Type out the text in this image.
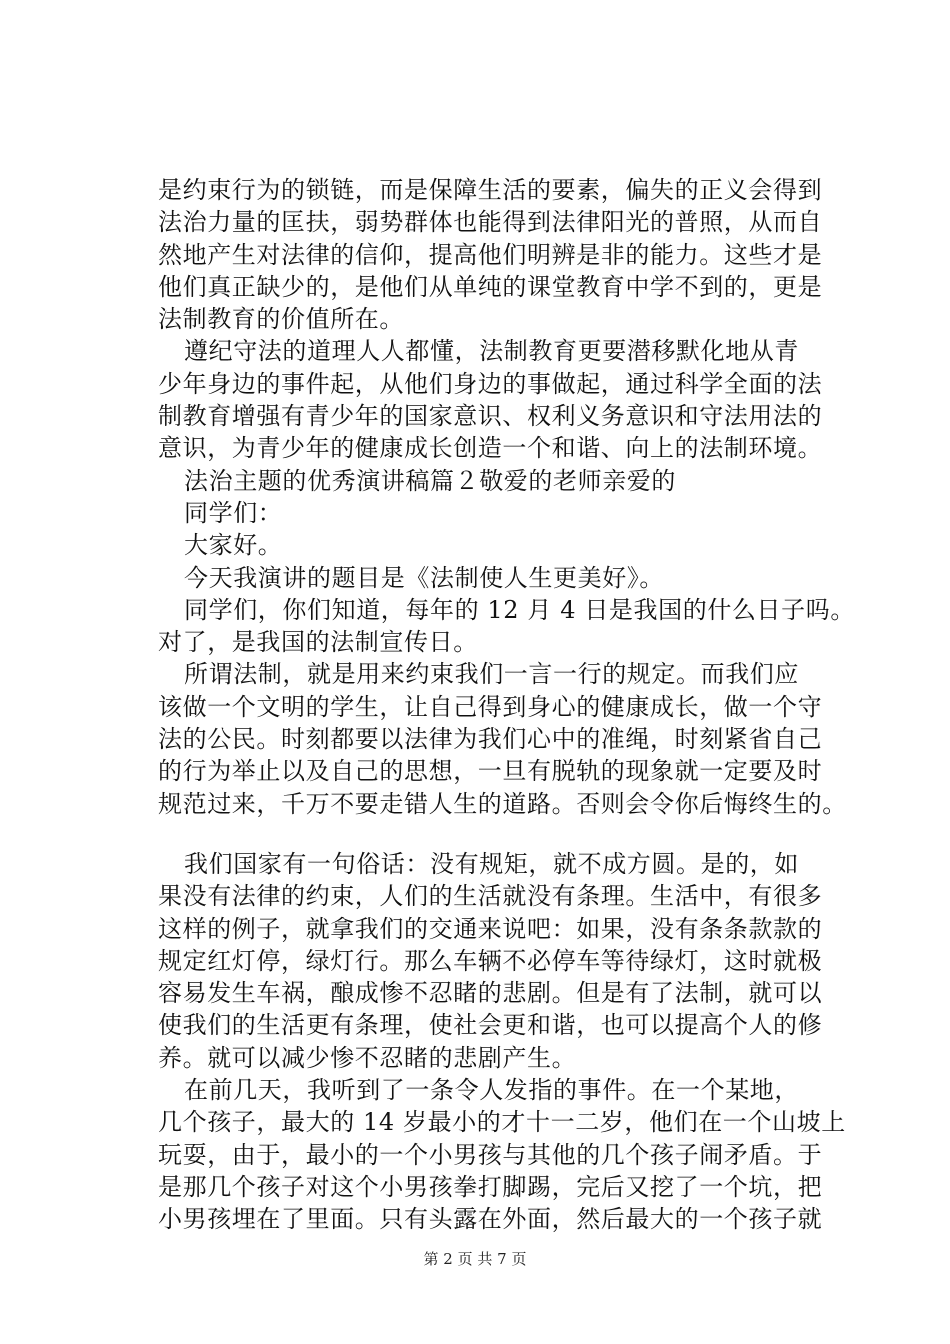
是约束行为的锁链，而是保障生活的要素，偏失的正义会得到
法治力量的匡扶，弱势群体也能得到法律阳光的普照，从而自
然地产生对法律的信仰，提高他们明辨是非的能力。这些才是
他们真正缺少的，是他们从单纯的课堂教育中学不到的，更是
法制教育的价值所在。
遵纪守法的道理人人都懂，法制教育更要潜移默化地从青
少年身边的事件起，从他们身边的事做起，通过科学全面的法
制教育增强有青少年的国家意识、权利义务意识和守法用法的
意识，为青少年的健康成长创造一个和谐、向上的法制环境。
法治主题的优秀演讲稿篇２敬爱的老师亲爱的
同学们：
大家好。
今天我演讲的题目是《法制使人生更美好》。
同学们，你们知道，每年的 12 月 4 日是我国的什么日子吗。
对了，是我国的法制宣传日。
所谓法制，就是用来约束我们一言一行的规定。而我们应
该做一个文明的学生，让自己得到身心的健康成长，做一个守
法的公民。时刻都要以法律为我们心中的准绳，时刻紧省自己
的行为举止以及自己的思想，一旦有脱轨的现象就一定要及时
规范过来，千万不要走错人生的道路。否则会令你后悔终生的。
我们国家有一句俗话：没有规矩，就不成方圆。是的，如
果没有法律的约束，人们的生活就没有条理。生活中，有很多
这样的例子，就拿我们的交通来说吧：如果，没有条条款款的
规定红灯停，绿灯行。那么车辆不必停车等待绿灯，这时就极
容易发生车祸，酿成惨不忍睹的悲剧。但是有了法制，就可以
使我们的生活更有条理，使社会更和谐，也可以提高个人的修
养。就可以减少惨不忍睹的悲剧产生。
在前几天，我听到了一条令人发指的事件。在一个某地，
几个孩子，最大的 14 岁最小的才十一二岁，他们在一个山坡上
玩耍，由于，最小的一个小男孩与其他的几个孩子闹矛盾。于
是那几个孩子对这个小男孩拳打脚踢，完后又挖了一个坑，把
小男孩埋在了里面。只有头露在外面，然后最大的一个孩子就
第 2 页 共 7 页
